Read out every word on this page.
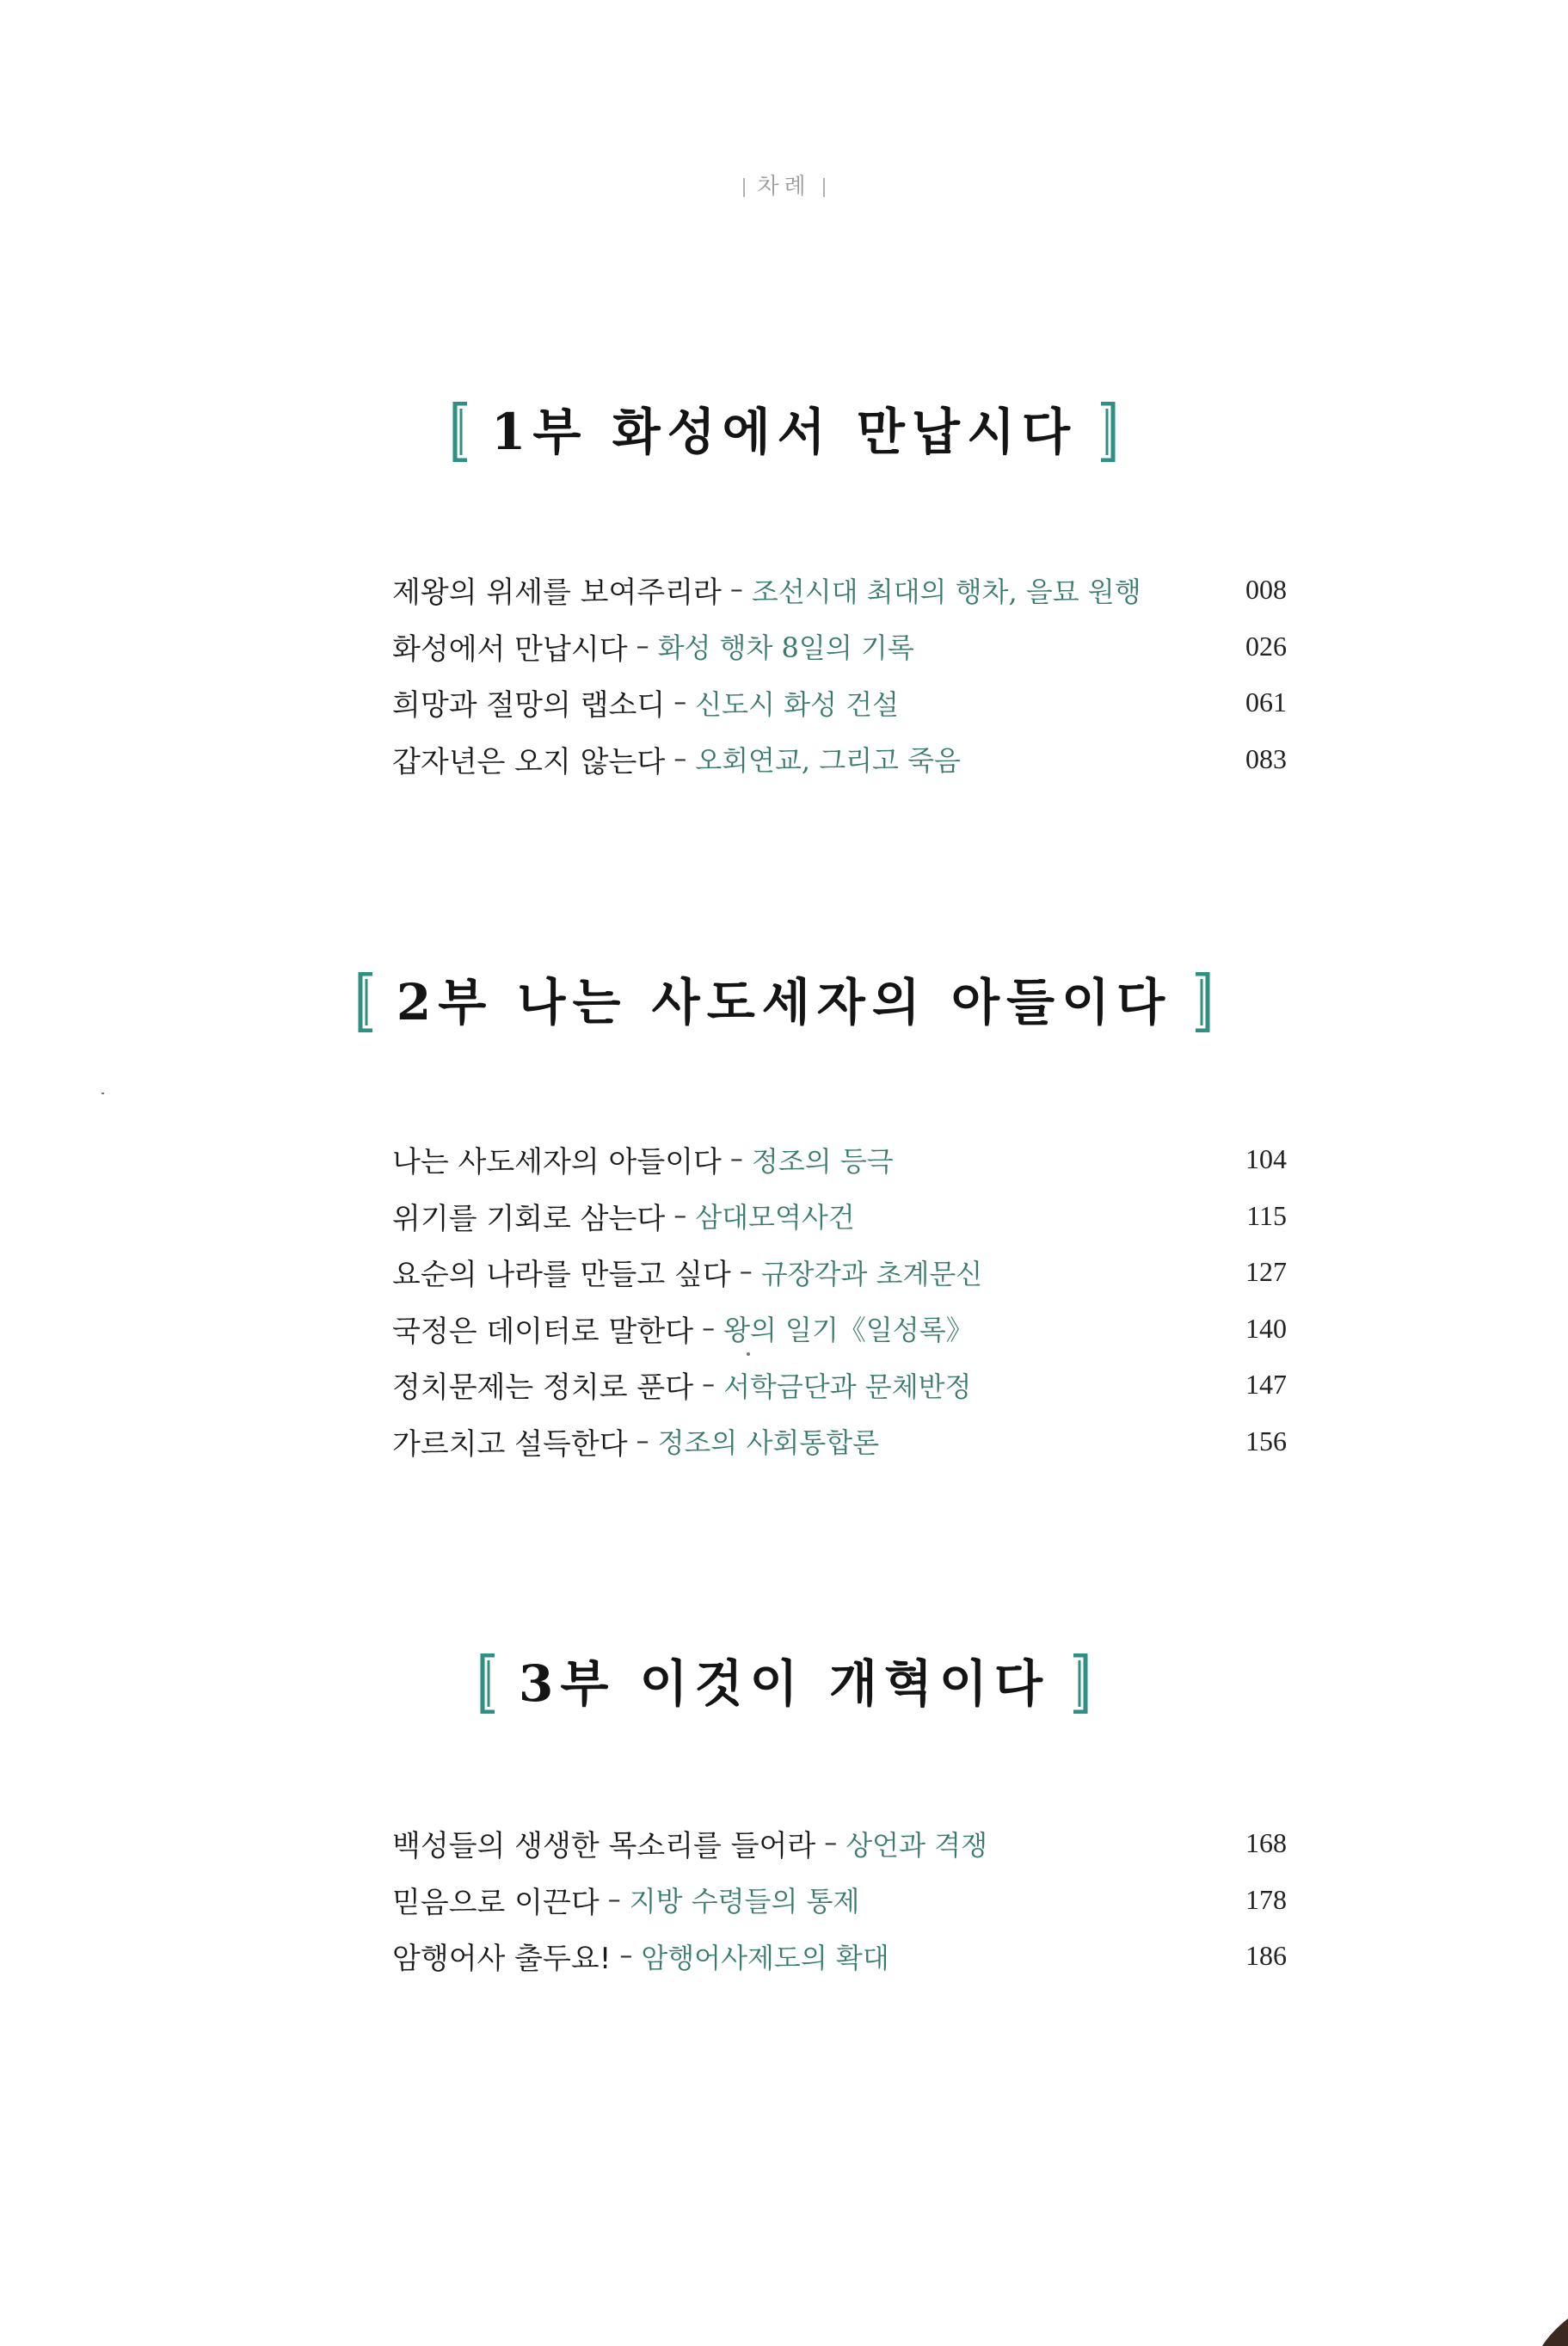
차례
1부 화성에서 만납시다
제왕의 위세를 보여주리라 – 조선시대 최대의 행차, 을묘 원행	008
화성에서 만납시다 – 화성 행차 8일의 기록	026
희망과 절망의 랩소디 – 신도시 화성 건설	061
갑자년은 오지 않는다 – 오회연교, 그리고 죽음	083
2부 나는 사도세자의 아들이다
나는 사도세자의 아들이다 – 정조의 등극	104
위기를 기회로 삼는다 – 삼대모역사건	115
요순의 나라를 만들고 싶다 – 규장각과 초계문신	127
국정은 데이터로 말한다 – 왕의 일기《일성록》	140
정치문제는 정치로 푼다 – 서학금단과 문체반정	147
가르치고 설득한다 – 정조의 사회통합론	156
3부 이것이 개혁이다
백성들의 생생한 목소리를 들어라 – 상언과 격쟁	168
믿음으로 이끈다 – 지방 수령들의 통제	178
암행어사 출두요! – 암행어사제도의 확대	186
